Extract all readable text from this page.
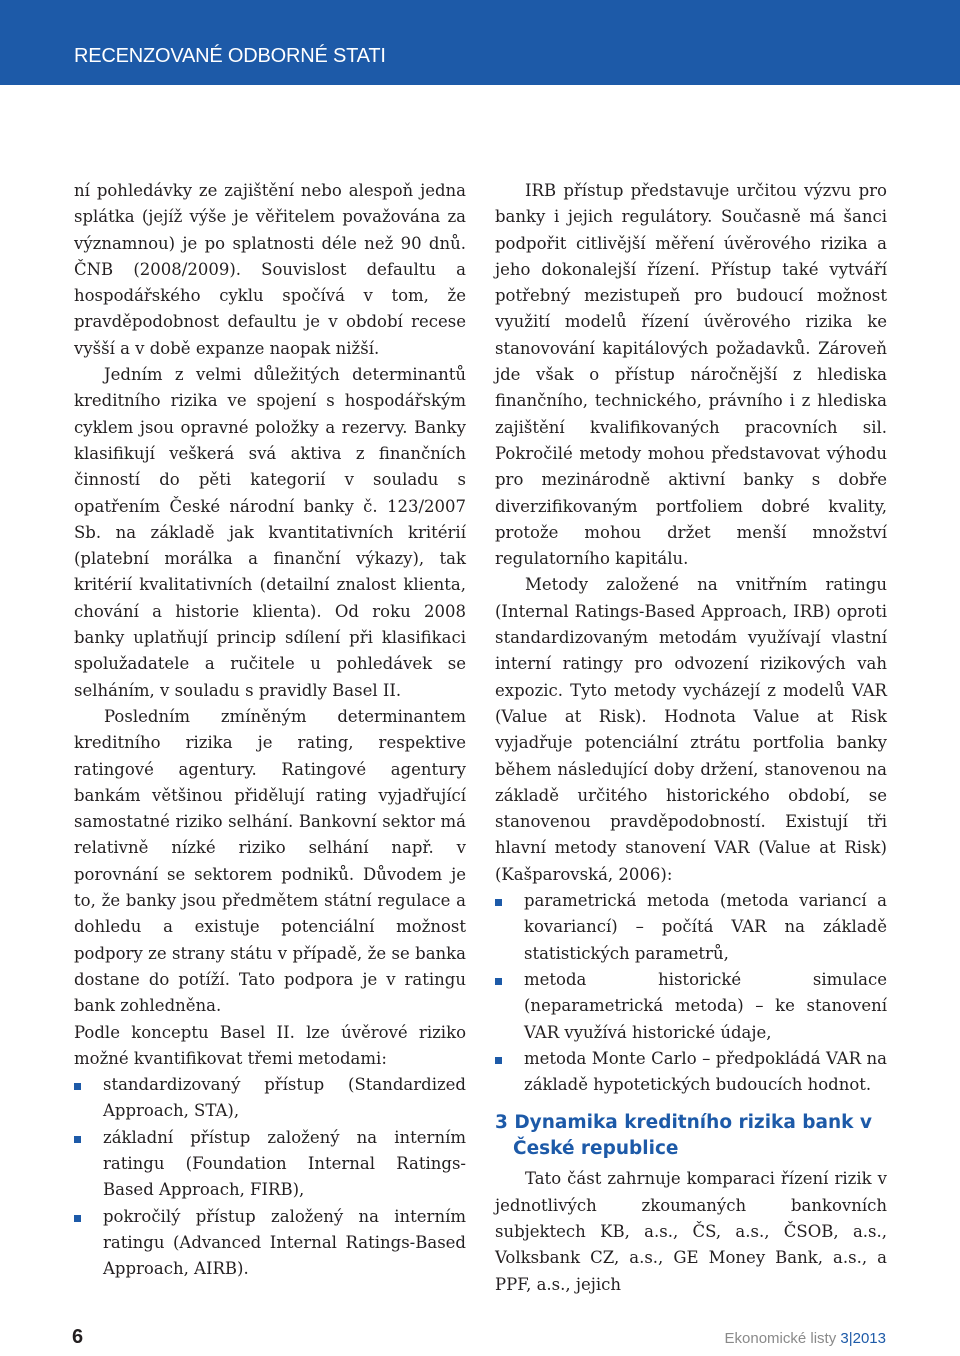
RECENZOVANÉ ODBORNÉ STATI

ní pohledávky ze zajištění nebo alespoň jedna splátka (jejíž výše je věřitelem považována za významnou) je po splatnosti déle než 90 dnů. ČNB (2008/2009). Souvislost defaultu a hospodářského cyklu spočívá v tom, že pravděpodobnost defaultu je v období recese vyšší a v době expanze naopak nižší.

Jedním z velmi důležitých determinantů kreditního rizika ve spojení s hospodářským cyklem jsou opravné položky a rezervy. Banky klasifikují veškerá svá aktiva z finančních činností do pěti kategorií v souladu s opatřením České národní banky č. 123/2007 Sb. na základě jak kvantitativních kritérií (platební morálka a finanční výkazy), tak kritérií kvalitativních (detailní znalost klienta, chování a historie klienta). Od roku 2008 banky uplatňují princip sdílení při klasifikaci spolužadatele a ručitele u pohledávek se selháním, v souladu s pravidly Basel II.

Posledním zmíněným determinantem kreditního rizika je rating, respektive ratingové agentury. Ratingové agentury bankám většinou přidělují rating vyjadřující samostatné riziko selhání. Bankovní sektor má relativně nízké riziko selhání např. v porovnání se sektorem podniků. Důvodem je to, že banky jsou předmětem státní regulace a dohledu a existuje potenciální možnost podpory ze strany státu v případě, že se banka dostane do potíží. Tato podpora je v ratingu bank zohledněna.

Podle konceptu Basel II. lze úvěrové riziko možné kvantifikovat třemi metodami:

standardizovaný přístup (Standardized Approach, STA),
základní přístup založený na interním ratingu (Foundation Internal Ratings-Based Approach, FIRB),
pokročilý přístup založený na interním ratingu (Advanced Internal Ratings-Based Approach, AIRB).

IRB přístup představuje určitou výzvu pro banky i jejich regulátory. Současně má šanci podpořit citlivější měření úvěrového rizika a jeho dokonalejší řízení. Přístup také vytváří potřebný mezistupeň pro budoucí možnost využití modelů řízení úvěrového rizika ke stanovování kapitálových požadavků. Zároveň jde však o přístup náročnější z hlediska finančního, technického, právního i z hlediska zajištění kvalifikovaných pracovních sil. Pokročilé metody mohou představovat výhodu pro mezinárodně aktivní banky s dobře diverzifikovaným portfoliem dobré kvality, protože mohou držet menší množství regulatorního kapitálu.

Metody založené na vnitřním ratingu (Internal Ratings-Based Approach, IRB) oproti standardizovaným metodám využívají vlastní interní ratingy pro odvození rizikových vah expozic. Tyto metody vycházejí z modelů VAR (Value at Risk). Hodnota Value at Risk vyjadřuje potenciální ztrátu portfolia banky během následující doby držení, stanovenou na základě určitého historického období, se stanovenou pravděpodobností. Existují tři hlavní metody stanovení VAR (Value at Risk) (Kašparovská, 2006):

parametrická metoda (metoda variancí a kovariancí) – počítá VAR na základě statistických parametrů,
metoda historické simulace (neparametrická metoda) – ke stanovení VAR využívá historické údaje,
metoda Monte Carlo – předpokládá VAR na základě hypotetických budoucích hodnot.
3 Dynamika kreditního rizika bank v České republice

Tato část zahrnuje komparaci řízení rizik v jednotlivých zkoumaných bankovních subjektech KB, a.s., ČS, a.s., ČSOB, a.s., Volksbank CZ, a.s., GE Money Bank, a.s., a PPF, a.s., jejich

6	Ekonomické listy 3|2013
